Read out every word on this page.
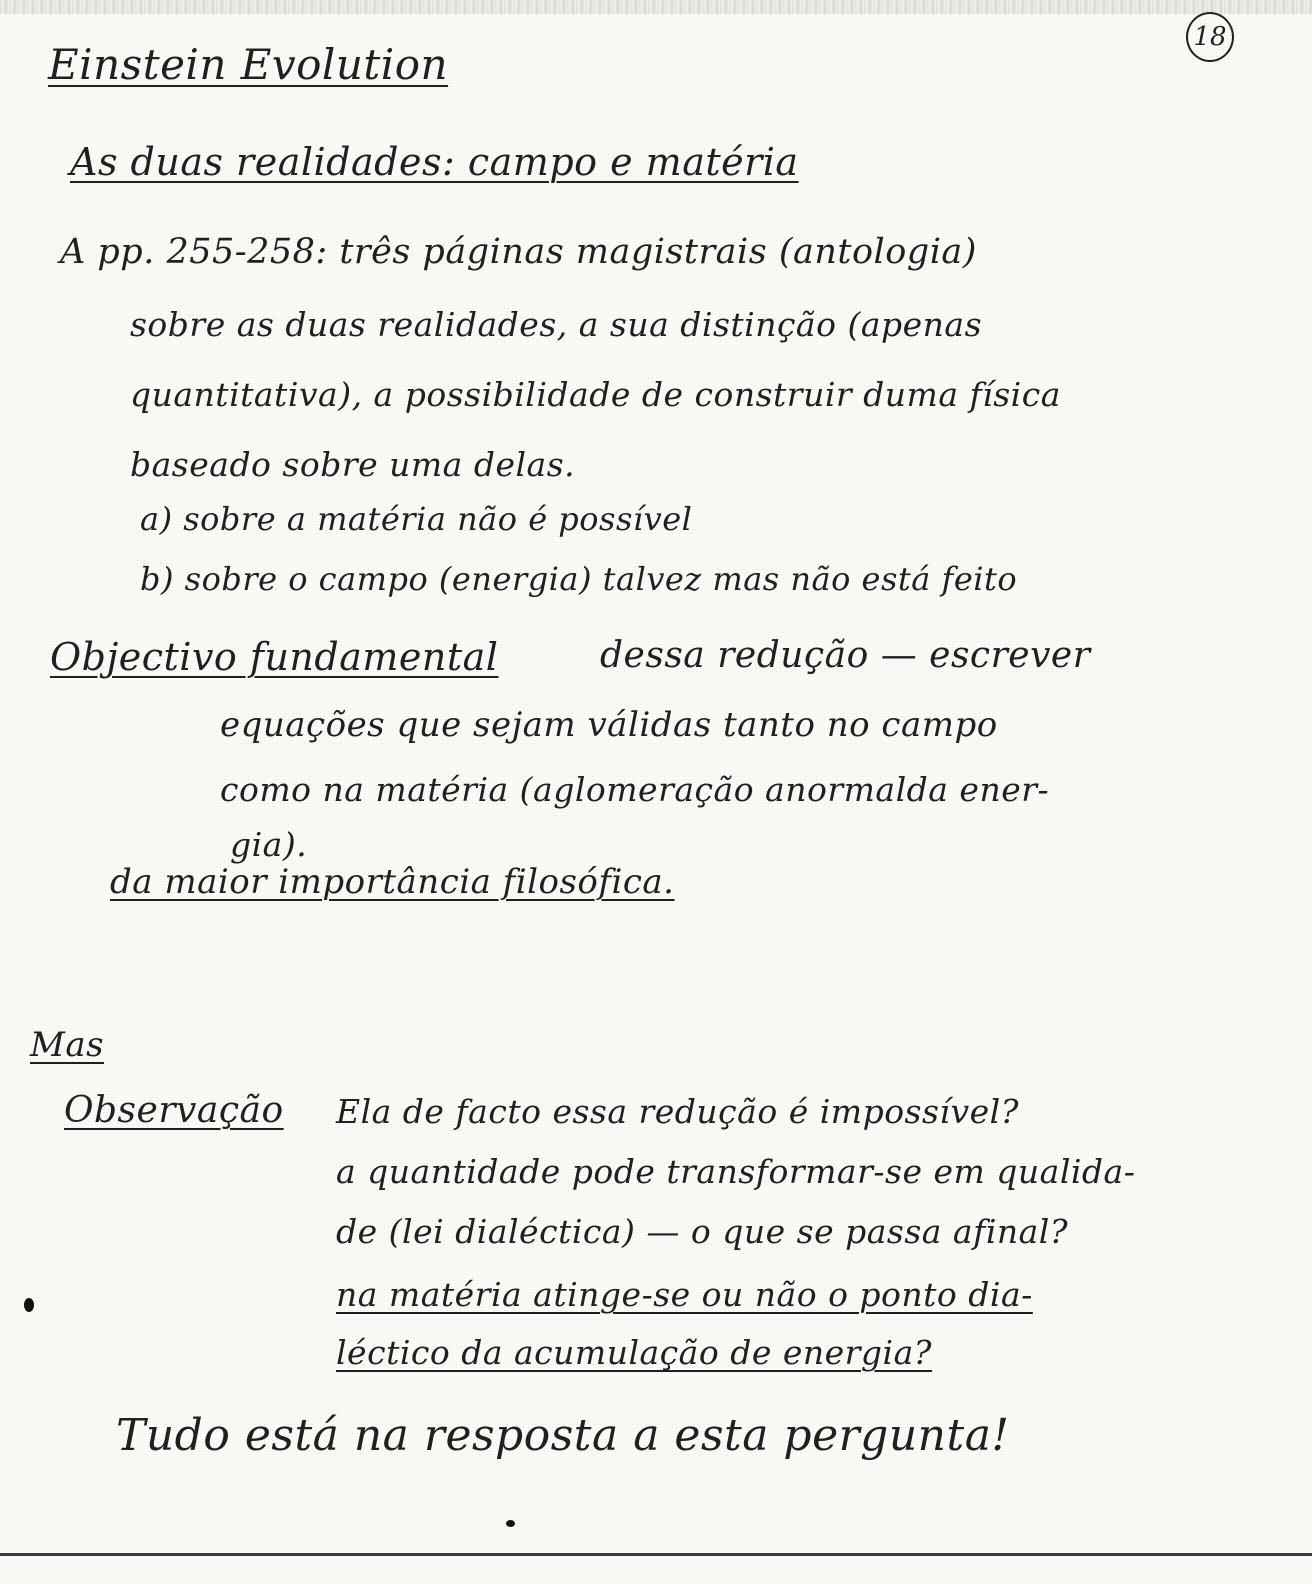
18
Einstein Evolution
As duas realidades: campo e matéria
A pp. 255-258: três páginas magistrais (antologia)
sobre as duas realidades, a sua distinção (apenas
quantitativa), a possibilidade de construir duma física
baseado sobre uma delas.
a) sobre a matéria não é possível
b) sobre o campo (energia) talvez mas não está feito
Objectivo fundamental	dessa redução — escrever
equações que sejam válidas tanto no campo
como na matéria (aglomeração anormalda ener-
gia).
da maior importância filosófica.
Mas
Observação Ela de facto essa redução é impossível?
a quantidade pode transformar-se em qualida-
de (lei dialéctica) — o que se passa afinal?
na matéria atinge-se ou não o ponto dia-
léctico da acumulação de energia?
Tudo está na resposta a esta pergunta!
